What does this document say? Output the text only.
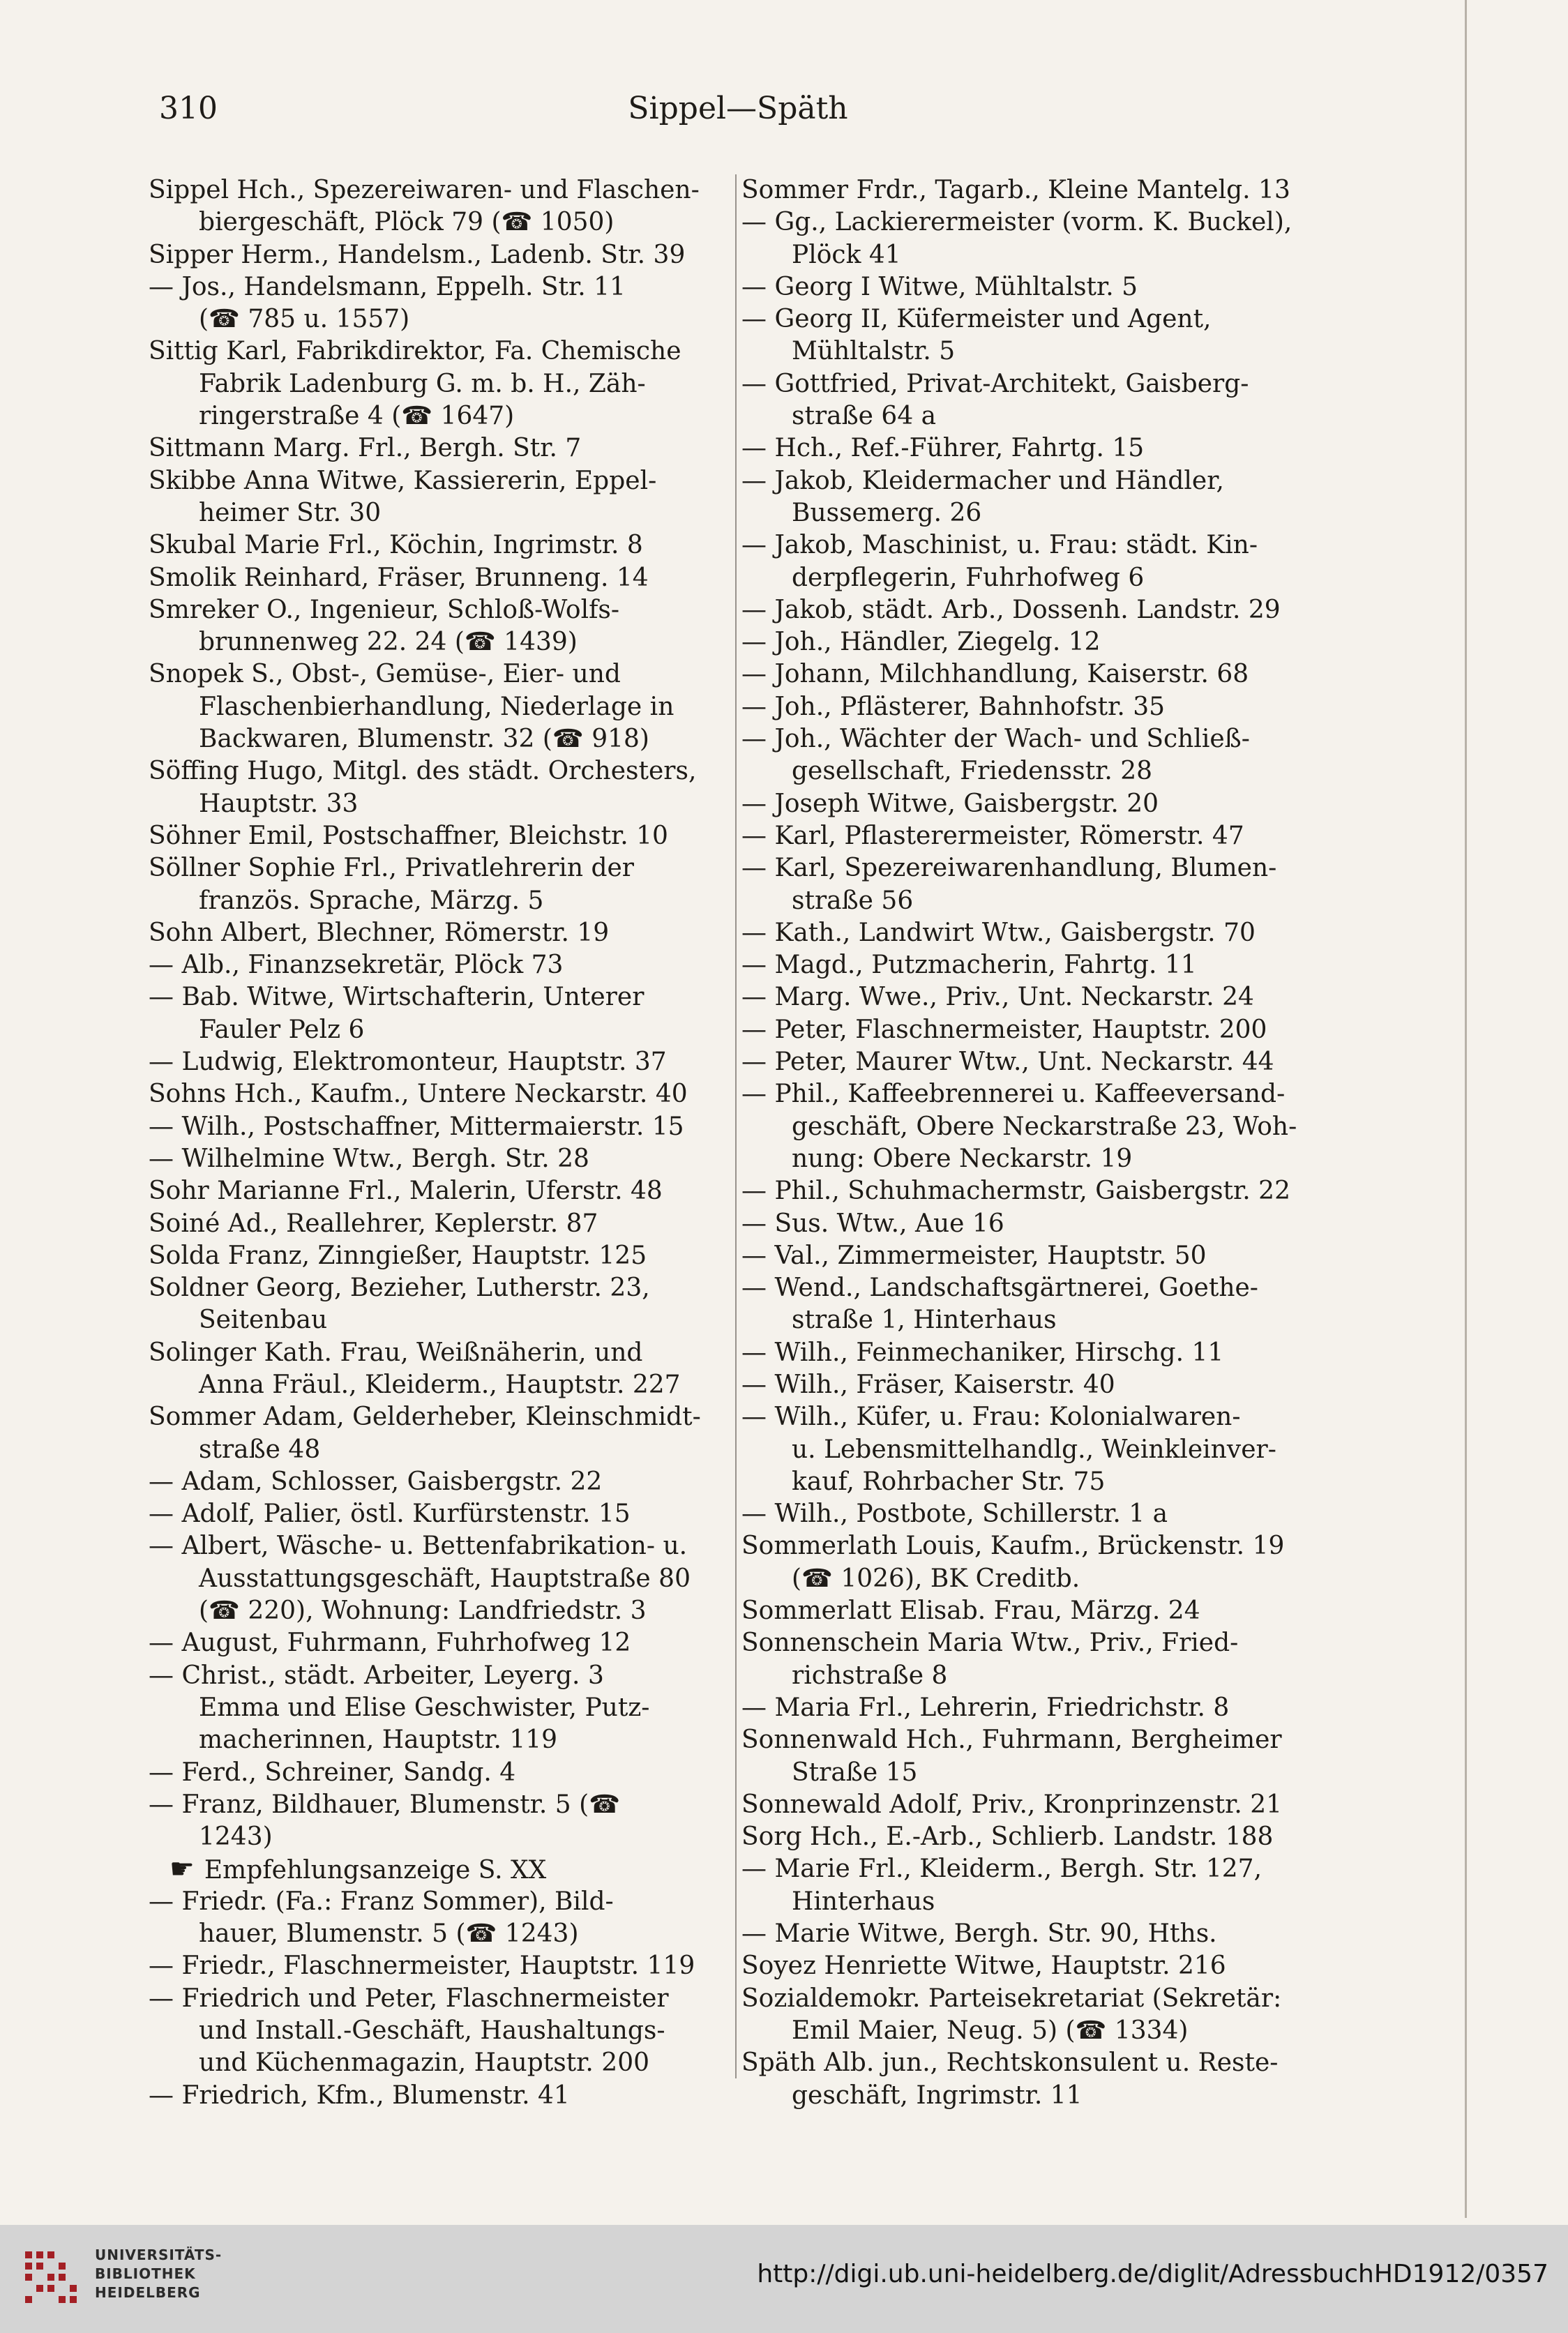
310	Sippel—Späth
Sippel Hch., Spezereiwaren- und Flaschen-
biergeschäft, Plöck 79 (☎ 1050)
Sipper Herm., Handelsm., Ladenb. Str. 39
— Jos., Handelsmann, Eppelh. Str. 11
(☎ 785 u. 1557)
Sittig Karl, Fabrikdirektor, Fa. Chemische
Fabrik Ladenburg G. m. b. H., Zäh-
ringerstraße 4 (☎ 1647)
Sittmann Marg. Frl., Bergh. Str. 7
Skibbe Anna Witwe, Kassiererin, Eppel-
heimer Str. 30
Skubal Marie Frl., Köchin, Ingrimstr. 8
Smolik Reinhard, Fräser, Brunneng. 14
Smreker O., Ingenieur, Schloß-Wolfs-
brunnenweg 22. 24 (☎ 1439)
Snopek S., Obst-, Gemüse-, Eier- und
Flaschenbierhandlung, Niederlage in
Backwaren, Blumenstr. 32 (☎ 918)
Söffing Hugo, Mitgl. des städt. Orchesters,
Hauptstr. 33
Söhner Emil, Postschaffner, Bleichstr. 10
Söllner Sophie Frl., Privatlehrerin der
französ. Sprache, Märzg. 5
Sohn Albert, Blechner, Römerstr. 19
— Alb., Finanzsekretär, Plöck 73
— Bab. Witwe, Wirtschafterin, Unterer
Fauler Pelz 6
— Ludwig, Elektromonteur, Hauptstr. 37
Sohns Hch., Kaufm., Untere Neckarstr. 40
— Wilh., Postschaffner, Mittermaierstr. 15
— Wilhelmine Wtw., Bergh. Str. 28
Sohr Marianne Frl., Malerin, Uferstr. 48
Soiné Ad., Reallehrer, Keplerstr. 87
Solda Franz, Zinngießer, Hauptstr. 125
Soldner Georg, Bezieher, Lutherstr. 23,
Seitenbau
Solinger Kath. Frau, Weißnäherin, und
Anna Fräul., Kleiderm., Hauptstr. 227
Sommer Adam, Gelderheber, Kleinschmidt-
straße 48
— Adam, Schlosser, Gaisbergstr. 22
— Adolf, Palier, östl. Kurfürstenstr. 15
— Albert, Wäsche- u. Bettenfabrikation- u.
Ausstattungsgeschäft, Hauptstraße 80
(☎ 220), Wohnung: Landfriedstr. 3
— August, Fuhrmann, Fuhrhofweg 12
— Christ., städt. Arbeiter, Leyerg. 3
Emma und Elise Geschwister, Putz-
macherinnen, Hauptstr. 119
— Ferd., Schreiner, Sandg. 4
— Franz, Bildhauer, Blumenstr. 5 (☎
1243)
☛ Empfehlungsanzeige S. XX
— Friedr. (Fa.: Franz Sommer), Bild-
hauer, Blumenstr. 5 (☎ 1243)
— Friedr., Flaschnermeister, Hauptstr. 119
— Friedrich und Peter, Flaschnermeister
und Install.-Geschäft, Haushaltungs-
und Küchenmagazin, Hauptstr. 200
— Friedrich, Kfm., Blumenstr. 41
Sommer Frdr., Tagarb., Kleine Mantelg. 13
— Gg., Lackierermeister (vorm. K. Buckel),
Plöck 41
— Georg I Witwe, Mühltalstr. 5
— Georg II, Küfermeister und Agent,
Mühltalstr. 5
— Gottfried, Privat-Architekt, Gaisberg-
straße 64 a
— Hch., Ref.-Führer, Fahrtg. 15
— Jakob, Kleidermacher und Händler,
Bussemerg. 26
— Jakob, Maschinist, u. Frau: städt. Kin-
derpflegerin, Fuhrhofweg 6
— Jakob, städt. Arb., Dossenh. Landstr. 29
— Joh., Händler, Ziegelg. 12
— Johann, Milchhandlung, Kaiserstr. 68
— Joh., Pflästerer, Bahnhofstr. 35
— Joh., Wächter der Wach- und Schließ-
gesellschaft, Friedensstr. 28
— Joseph Witwe, Gaisbergstr. 20
— Karl, Pflasterermeister, Römerstr. 47
— Karl, Spezereiwarenhandlung, Blumen-
straße 56
— Kath., Landwirt Wtw., Gaisbergstr. 70
— Magd., Putzmacherin, Fahrtg. 11
— Marg. Wwe., Priv., Unt. Neckarstr. 24
— Peter, Flaschnermeister, Hauptstr. 200
— Peter, Maurer Wtw., Unt. Neckarstr. 44
— Phil., Kaffeebrennerei u. Kaffeeversand-
geschäft, Obere Neckarstraße 23, Woh-
nung: Obere Neckarstr. 19
— Phil., Schuhmachermstr, Gaisbergstr. 22
— Sus. Wtw., Aue 16
— Val., Zimmermeister, Hauptstr. 50
— Wend., Landschaftsgärtnerei, Goethe-
straße 1, Hinterhaus
— Wilh., Feinmechaniker, Hirschg. 11
— Wilh., Fräser, Kaiserstr. 40
— Wilh., Küfer, u. Frau: Kolonialwaren-
u. Lebensmittelhandlg., Weinkleinver-
kauf, Rohrbacher Str. 75
— Wilh., Postbote, Schillerstr. 1 a
Sommerlath Louis, Kaufm., Brückenstr. 19
(☎ 1026), BK Creditb.
Sommerlatt Elisab. Frau, Märzg. 24
Sonnenschein Maria Wtw., Priv., Fried-
richstraße 8
— Maria Frl., Lehrerin, Friedrichstr. 8
Sonnenwald Hch., Fuhrmann, Bergheimer
Straße 15
Sonnewald Adolf, Priv., Kronprinzenstr. 21
Sorg Hch., E.-Arb., Schlierb. Landstr. 188
— Marie Frl., Kleiderm., Bergh. Str. 127,
Hinterhaus
— Marie Witwe, Bergh. Str. 90, Hths.
Soyez Henriette Witwe, Hauptstr. 216
Sozialdemokr. Parteisekretariat (Sekretär:
Emil Maier, Neug. 5) (☎ 1334)
Späth Alb. jun., Rechtskonsulent u. Reste-
geschäft, Ingrimstr. 11
UNIVERSITÄTS-
BIBLIOTHEK
HEIDELBERG
http://digi.ub.uni-heidelberg.de/diglit/AdressbuchHD1912/0357
